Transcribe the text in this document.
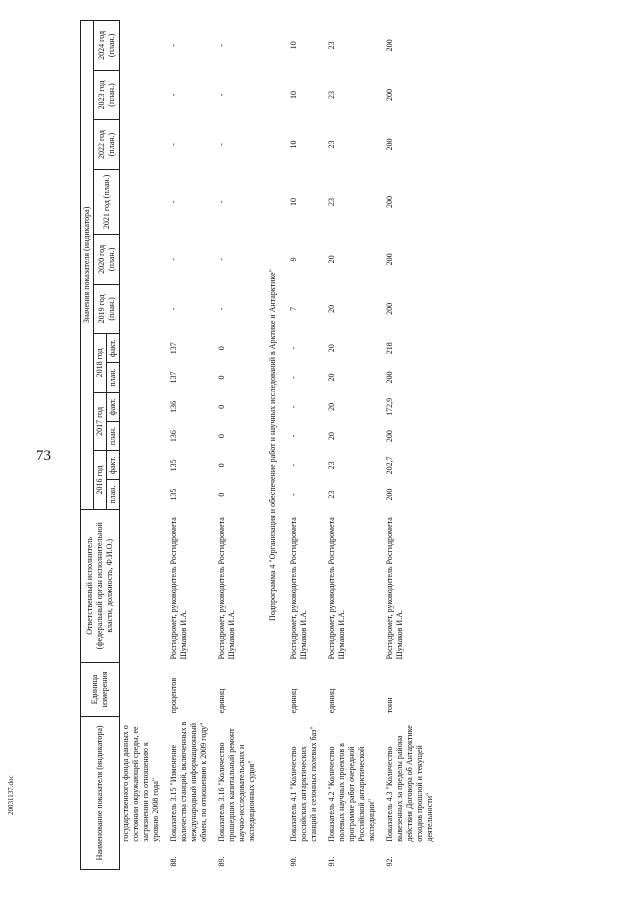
73
20031137.doc	Наименование показателя (индикатора)		Единица измерения	Ответственный исполнитель (федеральный орган исполнительной власти, должность, Ф.И.О.)	Значения показателя (индикатора)											
				2016 год		2017 год		2018 год		2019 год (план.)	2020 год (план.)	2021 год (план.)	2022 год (план.)	2023 год (план.)	2024 год (план.)
				план.	факт.	план.	факт.	план.	факт.						
	государственного фонда данных о состоянии окружающей среды, ее загрязнении по отношению к уровню 2008 года"														

88.	Показатель 3.15 "Изменение количества станций, включенных в международный информационный обмен, по отношению к 2009 году"	процентов	Росгидромет, руководитель Росгидромета Шумаков И.А.	135	135	136	136	137	137	-	-	-	-	-	-

89.	Показатель 3.16 "Количество прошедших капитальный ремонт научно-исследовательских и экспедиционных судов"	единиц	Росгидромет, руководитель Росгидромета Шумаков И.А.	0	0	0	0	0	0	-	-	-	-	-	-

Подпрограмма 4 "Организация и обеспечение работ и научных исследований в Арктике и Антарктике"															

90.	Показатель 4.1 "Количество российских антарктических станций и сезонных полевых баз"	единиц	Росгидромет, руководитель Росгидромета Шумаков И.А.	-	-	-	-	-	-	7	9	10	10	10	10

91.	Показатель 4.2 "Количество полевых научных проектов в программе работ очередной Российской антарктической экспедиции"	единиц	Росгидромет, руководитель Росгидромета Шумаков И.А.	23	23	20	20	20	20	20	20	23	23	23	23

92.	Показатель 4.3 "Количество вывезенных за пределы района действия Договора об Антарктике отходов прошлой и текущей деятельности"	тонн	Росгидромет, руководитель Росгидромета Шумаков И.А.	200	202,7	200	172,9	200	218	200	200	200	200	200	200
